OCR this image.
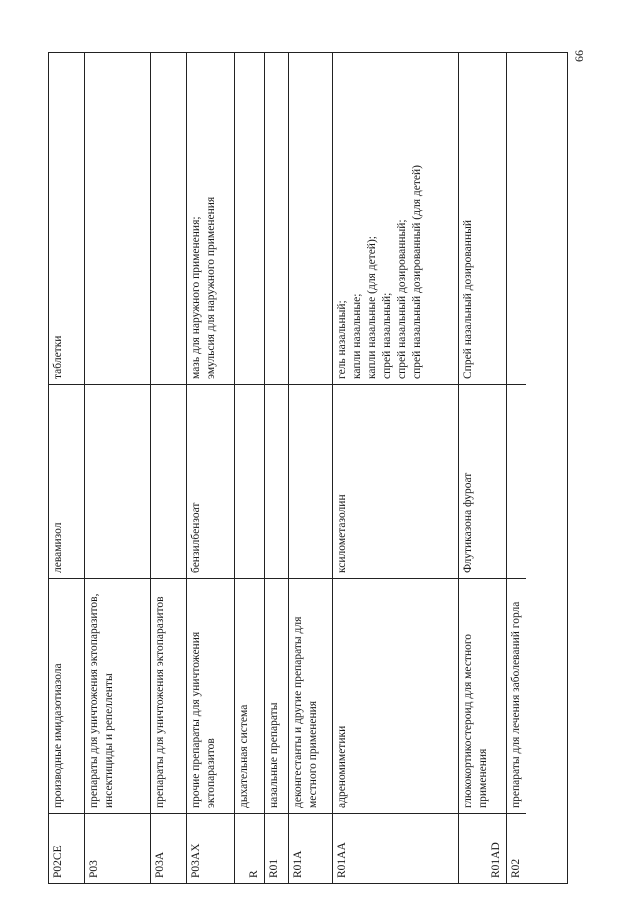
66
P02CE
производные имидазотиазола
левамизол
таблетки
P03
препараты для уничтожения эктопаразитов, инсектициды и репелленты
P03A
препараты для уничтожения эктопаразитов
P03AX
прочие препараты для уничтожения эктопаразитов
бензилбензоат
мазь для наружного применения; эмульсия для наружного применения
R
дыхательная система
R01
назальные препараты
R01A
деконгестанты и другие препараты для местного применения
R01AA
адреномиметики
ксилометазолин
гель назальный; капли назальные; капли назальные (для детей); спрей назальный; спрей назальный дозированный; спрей назальный дозированный (для детей)
R01AD
глюкокортикостероид для местного применения
Флутиказона фуроат
Спрей назальный дозированный
R02
препараты для лечения заболеваний горла
